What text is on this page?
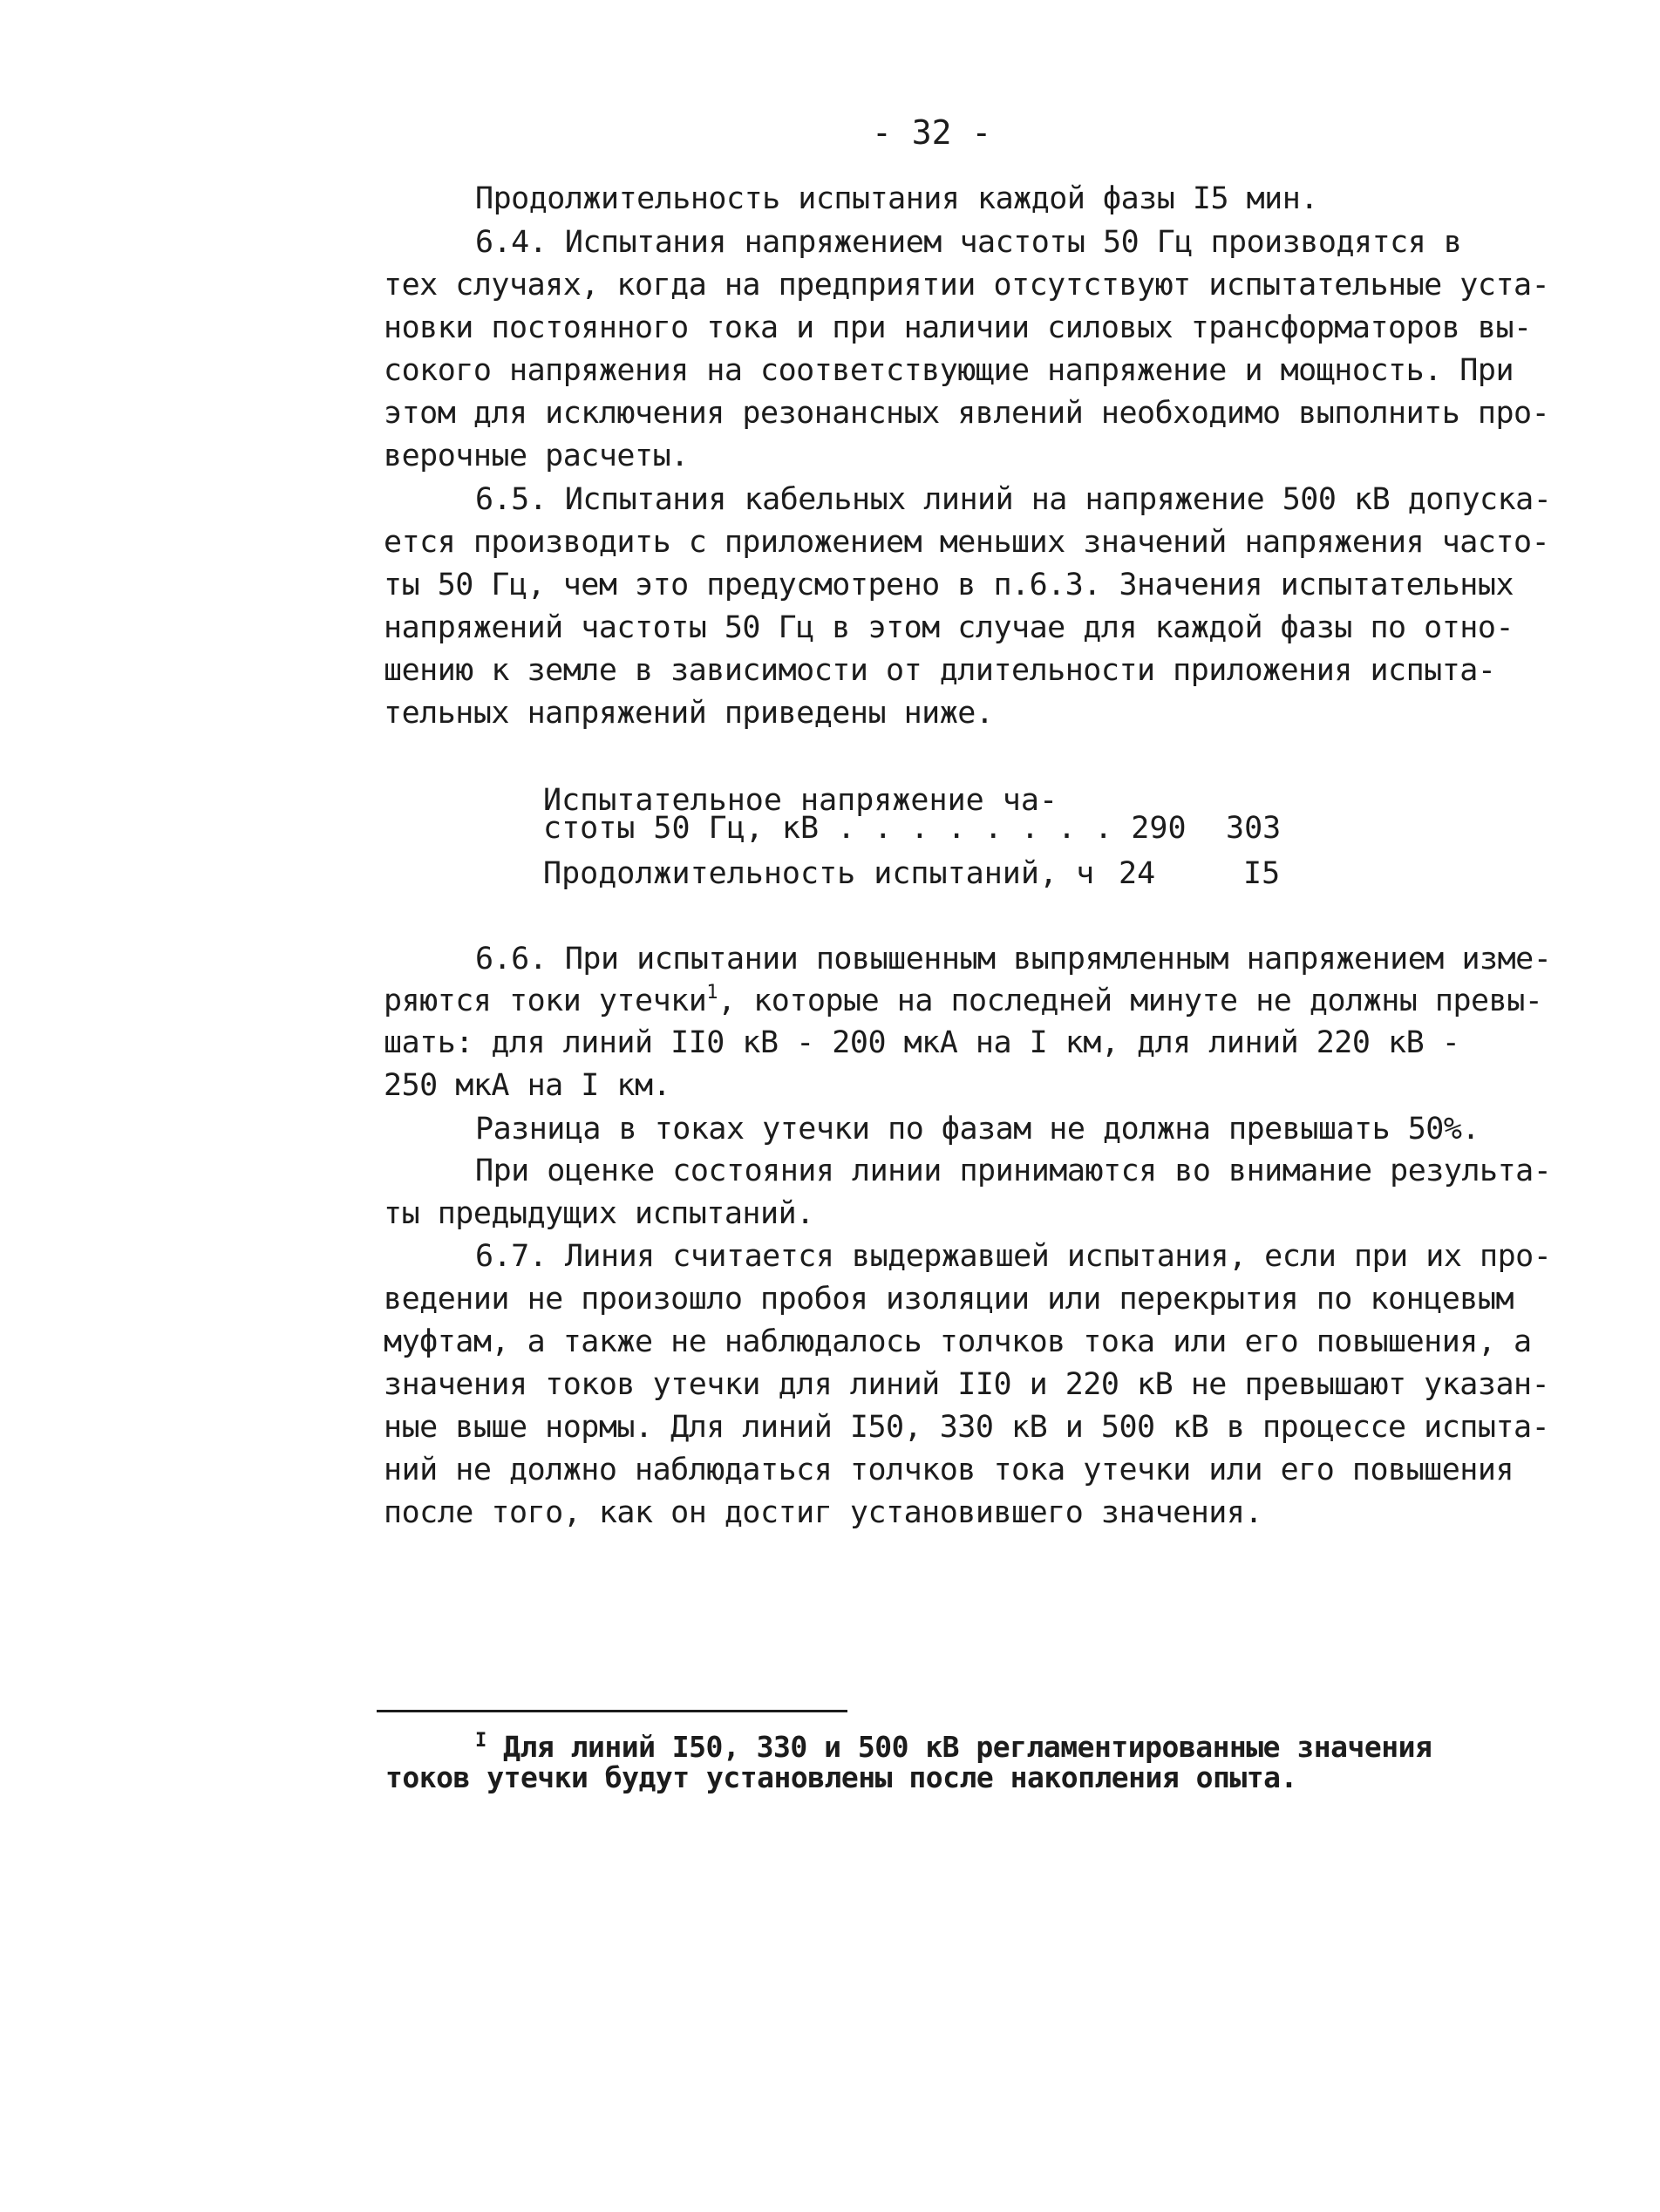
- 32 -
Продолжительность испытания каждой фазы I5 мин.
6.4. Испытания напряжением частоты 50 Гц производятся в
тех случаях, когда на предприятии отсутствуют испытательные уста-
новки постоянного тока и при наличии силовых трансформаторов вы-
сокого напряжения на соответствующие напряжение и мощность. При
этом для исключения резонансных явлений необходимо выполнить про-
верочные расчеты.
6.5. Испытания кабельных линий на напряжение 500 кВ допуска-
ется производить с приложением меньших значений напряжения часто-
ты 50 Гц, чем это предусмотрено в п.6.3. Значения испытательных
напряжений частоты 50 Гц в этом случае для каждой фазы по отно-
шению к земле в зависимости от длительности приложения испыта-
тельных напряжений приведены ниже.
Испытательное напряжение ча-
стоты 50 Гц, кВ . . . . . . . . 290 303
Продолжительность испытаний, ч 24	I5
6.6. При испытании повышенным выпрямленным напряжением изме-
ряются токи утечки$^1$, которые на последней минуте не должны превы-
шать: для линий II0 кВ - 200 мкА на I км, для линий 220 кВ -
250 мкА на I км.
Разница в токах утечки по фазам не должна превышать 50%.
При оценке состояния линии принимаются во внимание результа-
ты предыдущих испытаний.
6.7. Линия считается выдержавшей испытания, если при их про-
ведении не произошло пробоя изоляции или перекрытия по концевым
муфтам, а также не наблюдалось толчков тока или его повышения, а
значения токов утечки для линий II0 и 220 кВ не превышают указан-
ные выше нормы. Для линий I50, 330 кВ и 500 кВ в процессе испыта-
ний не должно наблюдаться толчков тока утечки или его повышения
после того, как он достиг установившего значения.
$^I$ Для линий I50, 330 и 500 кВ регламентированные значения
токов утечки будут установлены после накопления опыта.
